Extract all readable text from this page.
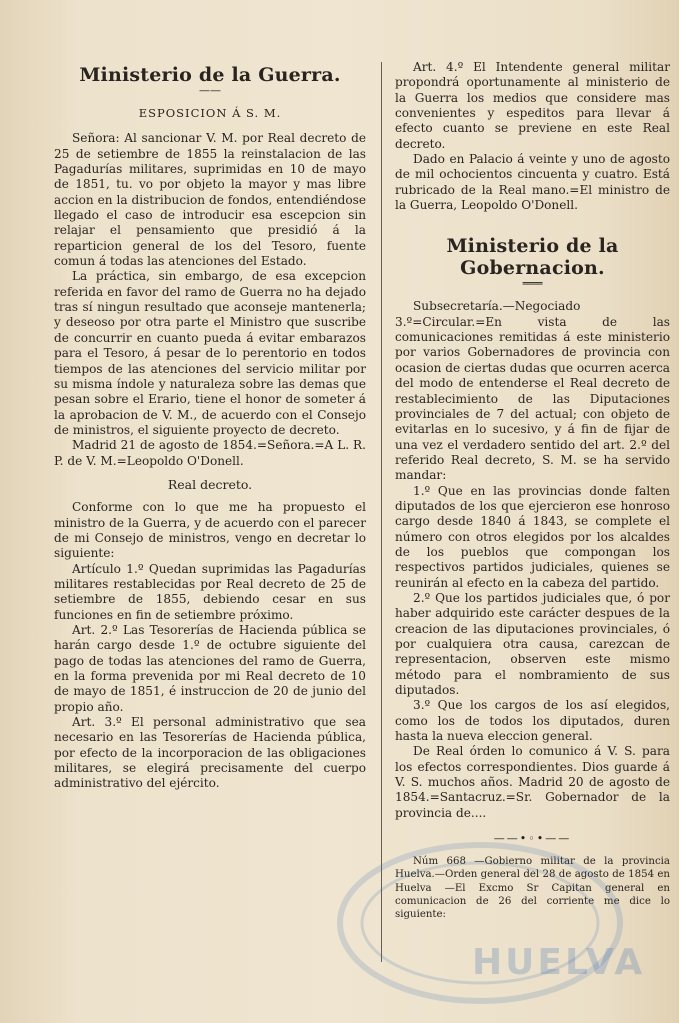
Ministerio de la Guerra.
——
ESPOSICION Á S. M.

Señora: Al sancionar V. M. por Real decreto de 25 de setiembre de 1855 la reinstalacion de las Pagadurías militares, suprimidas en 10 de mayo de 1851, tu. vo por objeto la mayor y mas libre accion en la distribucion de fondos, entendiéndose llegado el caso de introducir esa escepcion sin relajar el pensamiento que presidió á la reparticion general de los del Tesoro, fuente comun á todas las atenciones del Estado.

La práctica, sin embargo, de esa excepcion referida en favor del ramo de Guerra no ha dejado tras sí ningun resultado que aconseje mantenerla; y deseoso por otra parte el Ministro que suscribe de concurrir en cuanto pueda á evitar embarazos para el Tesoro, á pesar de lo perentorio en todos tiempos de las atenciones del servicio militar por su misma índole y naturaleza sobre las demas que pesan sobre el Erario, tiene el honor de someter á la aprobacion de V. M., de acuerdo con el Consejo de ministros, el siguiente proyecto de decreto.

Madrid 21 de agosto de 1854.=Señora.=A L. R. P. de V. M.=Leopoldo O'Donell.

Real decreto.

Conforme con lo que me ha propuesto el ministro de la Guerra, y de acuerdo con el parecer de mi Consejo de ministros, vengo en decretar lo siguiente:

Artículo 1.º Quedan suprimidas las Pagadurías militares restablecidas por Real decreto de 25 de setiembre de 1855, debiendo cesar en sus funciones en fin de setiembre próximo.

Art. 2.º Las Tesorerías de Hacienda pública se harán cargo desde 1.º de octubre siguiente del pago de todas las atenciones del ramo de Guerra, en la forma prevenida por mi Real decreto de 10 de mayo de 1851, é instruccion de 20 de junio del propio año.

Art. 3.º El personal administrativo que sea necesario en las Tesorerías de Hacienda pública, por efecto de la incorporacion de las obligaciones militares, se elegirá precisamente del cuerpo administrativo del ejército.

Art. 4.º El Intendente general militar propondrá oportunamente al ministerio de la Guerra los medios que considere mas convenientes y espeditos para llevar á efecto cuanto se previene en este Real decreto.

Dado en Palacio á veinte y uno de agosto de mil ochocientos cincuenta y cuatro. Está rubricado de la Real mano.=El ministro de la Guerra, Leopoldo O'Donell.

Ministerio de la Gobernacion.
═══

Subsecretaría.—Negociado 3.º=Circular.=En vista de las comunicaciones remitidas á este ministerio por varios Gobernadores de provincia con ocasion de ciertas dudas que ocurren acerca del modo de entenderse el Real decreto de restablecimiento de las Diputaciones provinciales de 7 del actual; con objeto de evitarlas en lo sucesivo, y á fin de fijar de una vez el verdadero sentido del art. 2.º del referido Real decreto, S. M. se ha servido mandar:

1.º Que en las provincias donde falten diputados de los que ejercieron ese honroso cargo desde 1840 á 1843, se complete el número con otros elegidos por los alcaldes de los pueblos que compongan los respectivos partidos judiciales, quienes se reunirán al efecto en la cabeza del partido.

2.º Que los partidos judiciales que, ó por haber adquirido este carácter despues de la creacion de las diputaciones provinciales, ó por cualquiera otra causa, carezcan de representacion, observen este mismo método para el nombramiento de sus diputados.

3.º Que los cargos de los así elegidos, como los de todos los diputados, duren hasta la nueva eleccion general.

De Real órden lo comunico á V. S. para los efectos correspondientes. Dios guarde á V. S. muchos años. Madrid 20 de agosto de 1854.=Santacruz.=Sr. Gobernador de la provincia de....

——•◦•——

Núm 668 —Gobierno militar de la provincia Huelva.—Orden general del 28 de agosto de 1854 en Huelva —El Excmo Sr Capitan general en comunicacion de 26 del corriente me dice lo siguiente:

HUELVA
